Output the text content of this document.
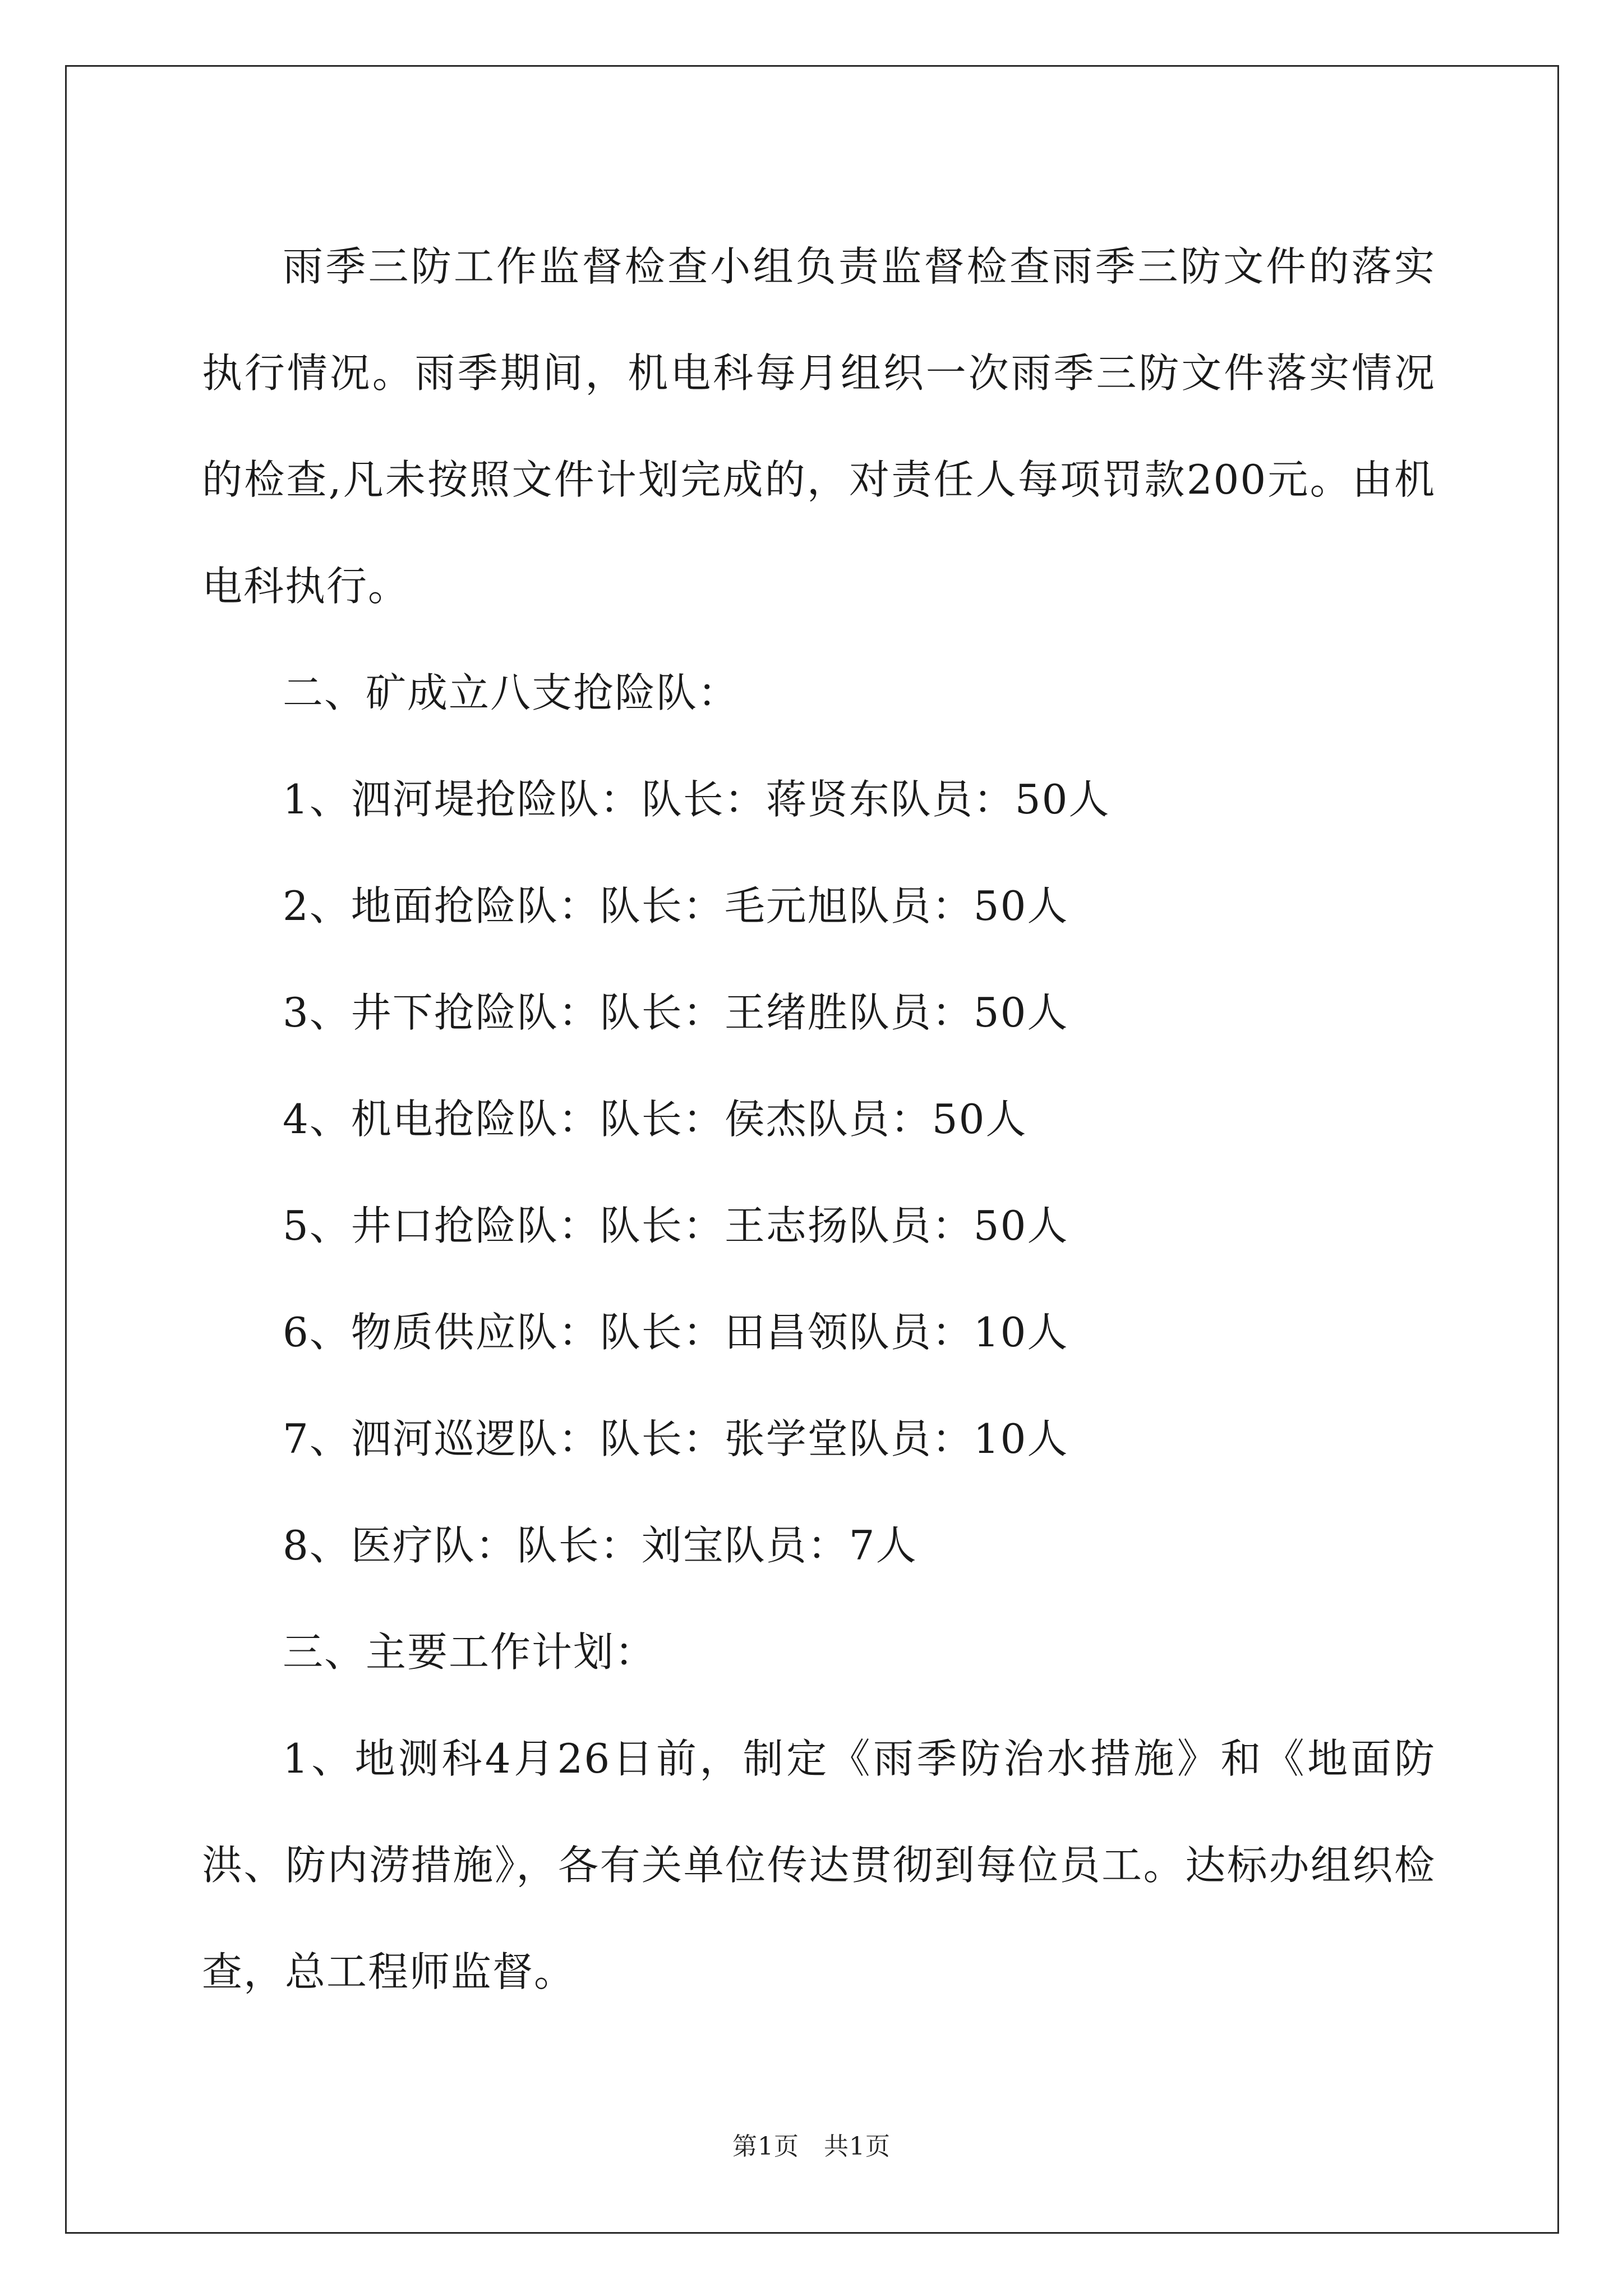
雨季三防工作监督检查小组负责监督检查雨季三防文件的落实执行情况。雨季期间，机电科每月组织一次雨季三防文件落实情况的检查,凡未按照文件计划完成的，对责任人每项罚款200元。由机电科执行。

二、矿成立八支抢险队：

1、泗河堤抢险队：队长：蒋贤东队员：50人

2、地面抢险队：队长：毛元旭队员：50人

3、井下抢险队：队长：王绪胜队员：50人

4、机电抢险队：队长：侯杰队员：50人

5、井口抢险队：队长：王志扬队员：50人

6、物质供应队：队长：田昌领队员：10人

7、泗河巡逻队：队长：张学堂队员：10人

8、医疗队：队长：刘宝队员：7人

三、主要工作计划：

1、地测科4月26日前，制定《雨季防治水措施》和《地面防洪、防内涝措施》，各有关单位传达贯彻到每位员工。达标办组织检查，总工程师监督。

第1页 共1页
